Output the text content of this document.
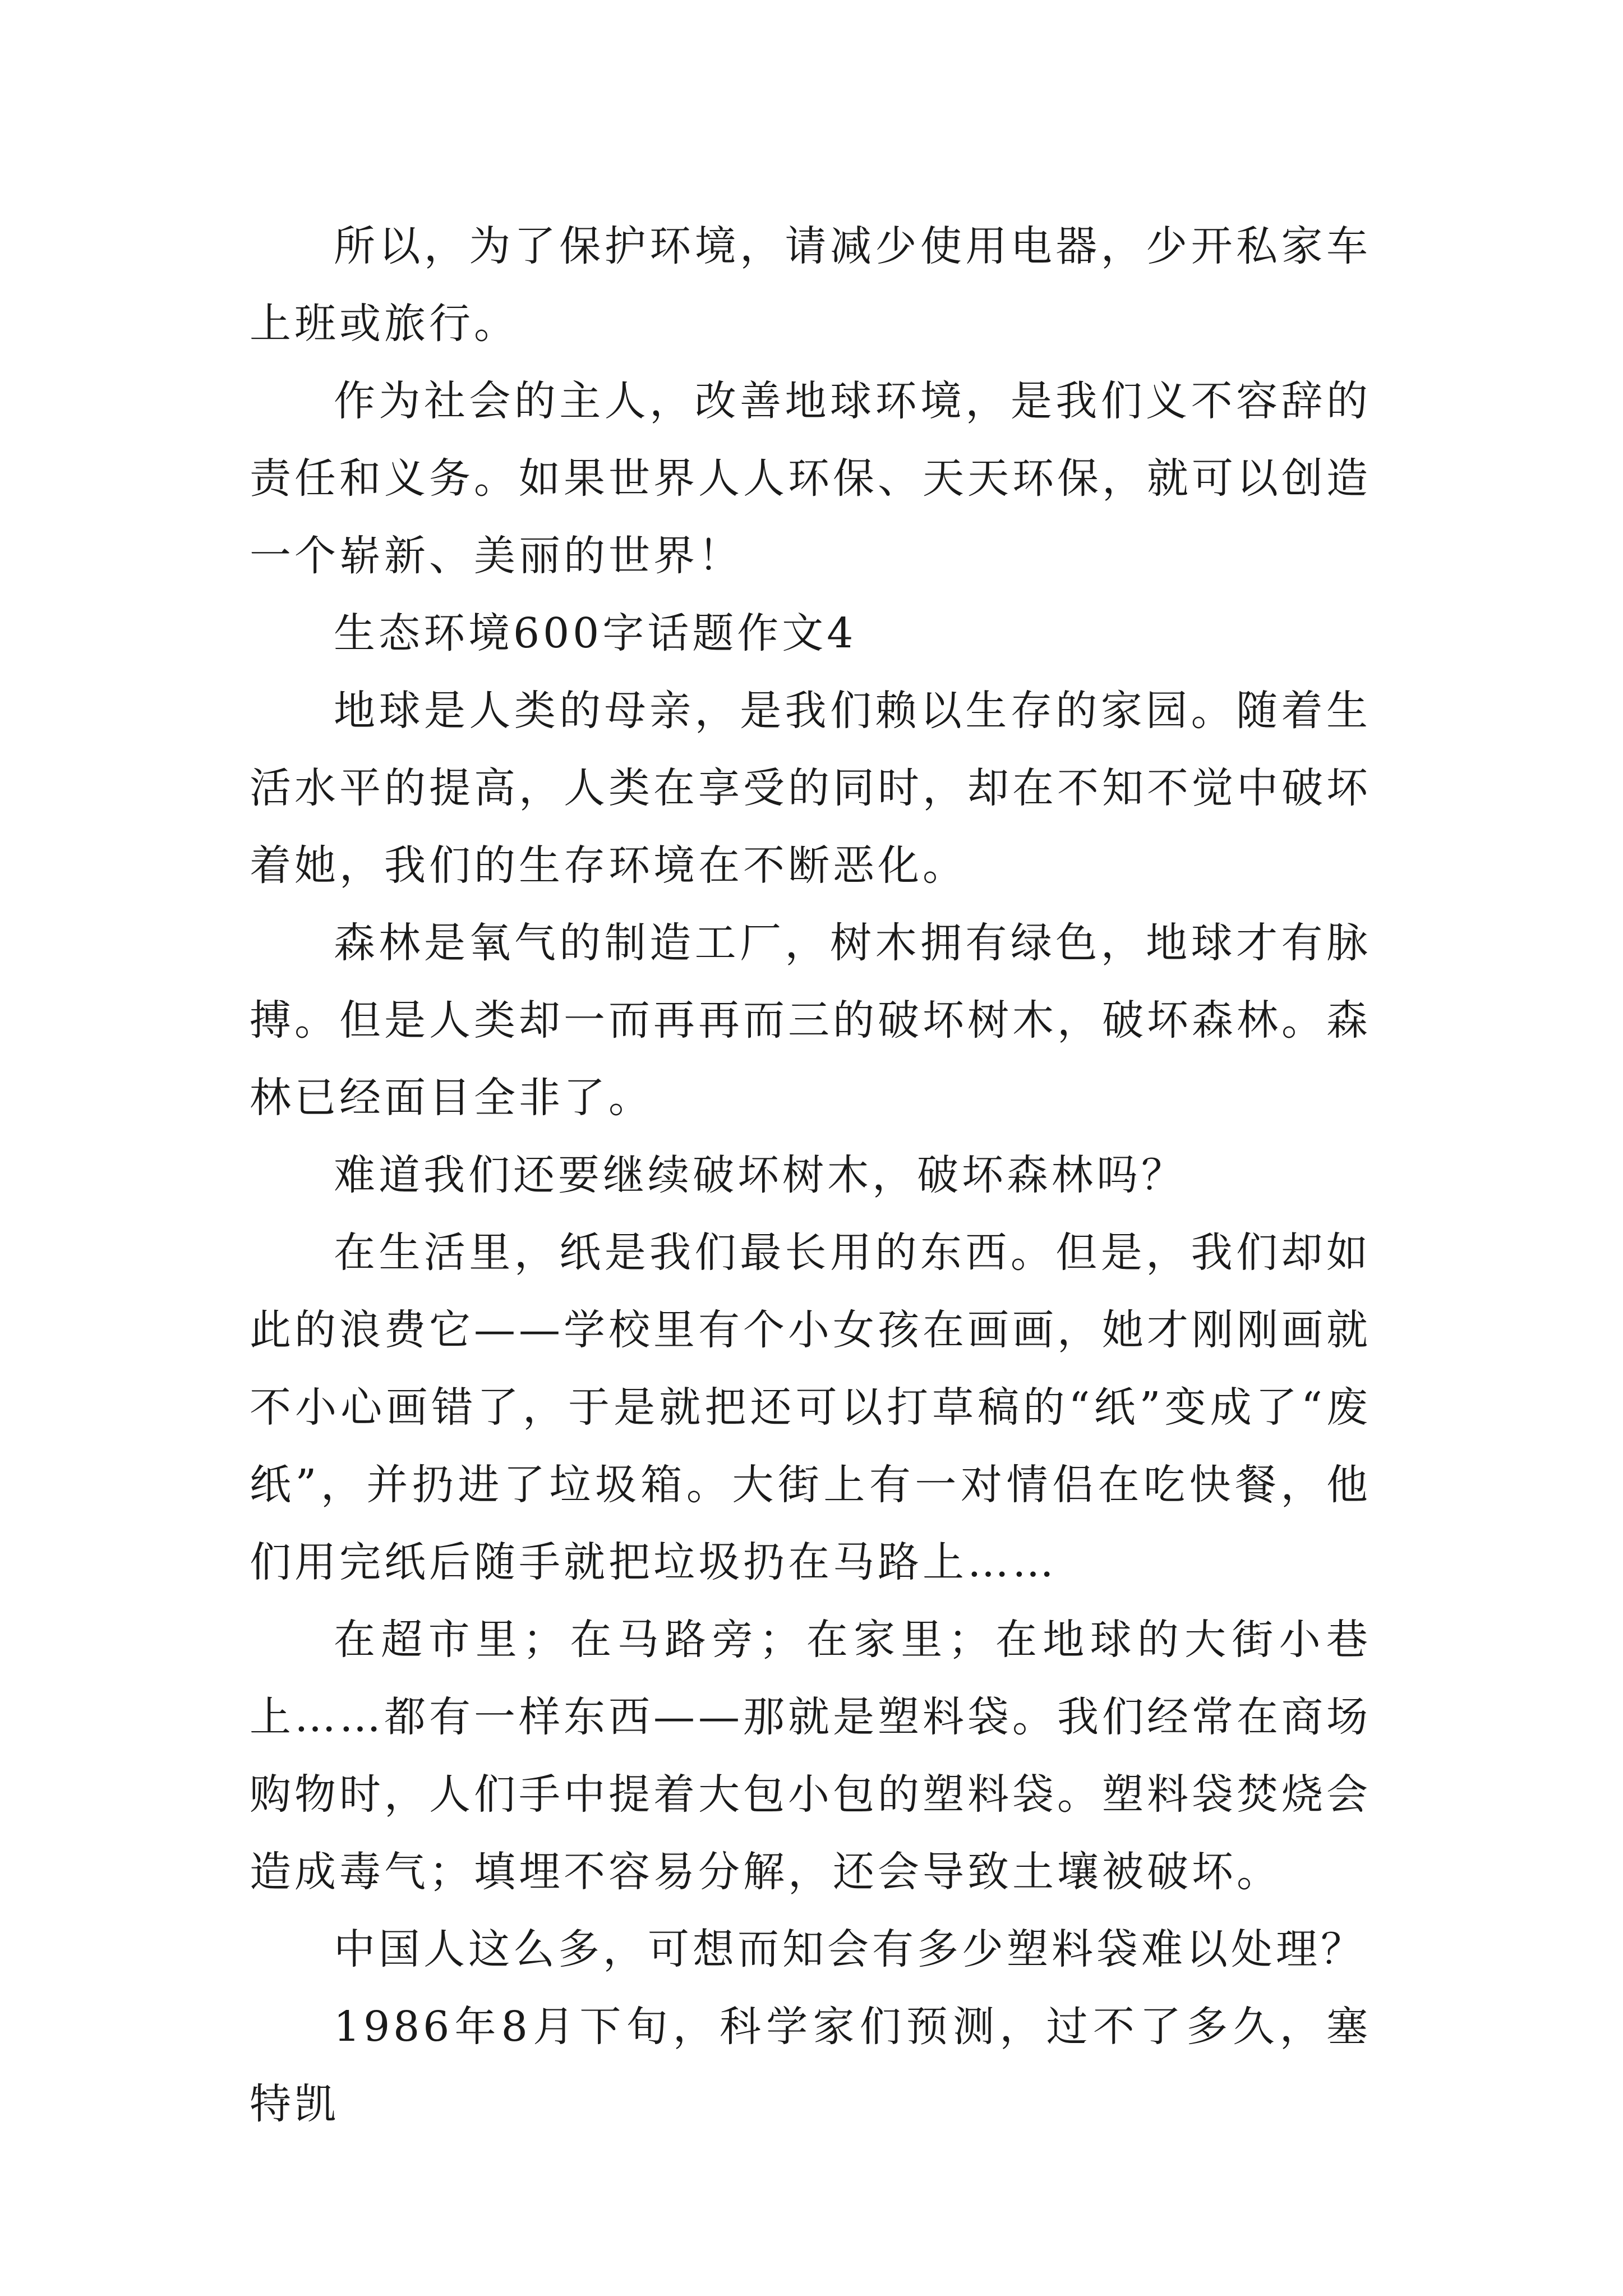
所以，为了保护环境，请减少使用电器，少开私家车上班或旅行。

作为社会的主人，改善地球环境，是我们义不容辞的责任和义务。如果世界人人环保、天天环保，就可以创造一个崭新、美丽的世界！

生态环境600字话题作文4

地球是人类的母亲，是我们赖以生存的家园。随着生活水平的提高，人类在享受的同时，却在不知不觉中破坏着她，我们的生存环境在不断恶化。

森林是氧气的制造工厂，树木拥有绿色，地球才有脉搏。但是人类却一而再再而三的破坏树木，破坏森林。森林已经面目全非了。

难道我们还要继续破坏树木，破坏森林吗？

在生活里，纸是我们最长用的东西。但是，我们却如此的浪费它——学校里有个小女孩在画画，她才刚刚画就不小心画错了，于是就把还可以打草稿的“纸”变成了“废纸”，并扔进了垃圾箱。大街上有一对情侣在吃快餐，他们用完纸后随手就把垃圾扔在马路上……

在超市里；在马路旁；在家里；在地球的大街小巷上……都有一样东西——那就是塑料袋。我们经常在商场购物时，人们手中提着大包小包的塑料袋。塑料袋焚烧会造成毒气；填埋不容易分解，还会导致土壤被破坏。

中国人这么多，可想而知会有多少塑料袋难以处理？

1986年8月下旬，科学家们预测，过不了多久，塞特凯
